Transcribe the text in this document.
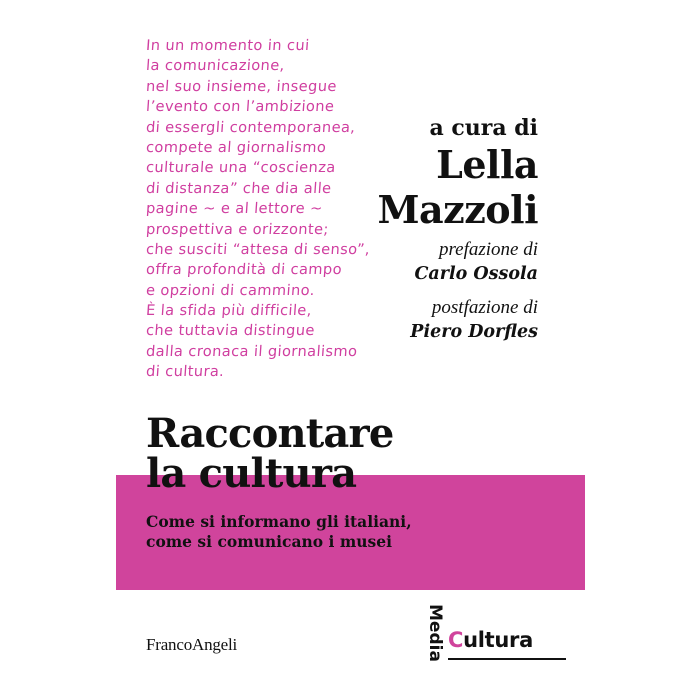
In un momento in cui
la comunicazione,
nel suo insieme, insegue
l’evento con l’ambizione
di essergli contemporanea,
compete al giornalismo
culturale una “coscienza
di distanza” che dia alle
pagine ~ e al lettore ~
prospettiva e orizzonte;
che susciti “attesa di senso”,
offra profondità di campo
e opzioni di cammino.
È la sfida più difficile,
che tuttavia distingue
dalla cronaca il giornalismo
di cultura.
a cura di
Lella
Mazzoli
prefazione di
Carlo Ossola
postfazione di
Piero Dorfles
Raccontare
la cultura
Come si informano gli italiani,
come si comunicano i musei
FrancoAngeli	Media Cultura
